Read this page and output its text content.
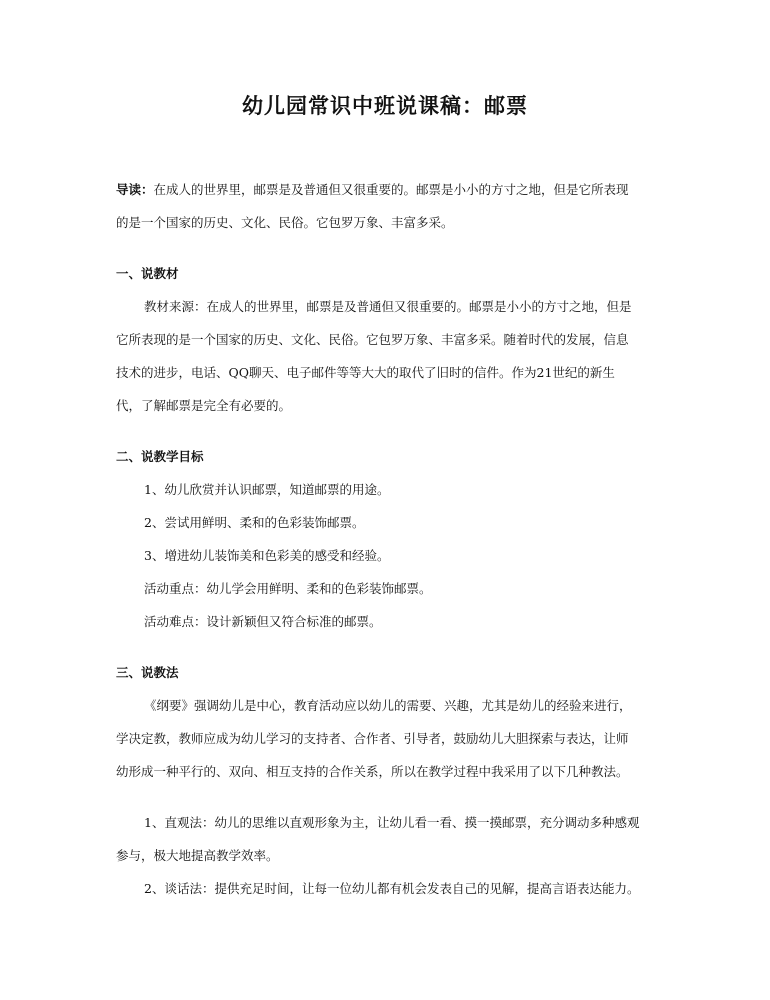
幼儿园常识中班说课稿：邮票
导读：在成人的世界里，邮票是及普通但又很重要的。邮票是小小的方寸之地，但是它所表现
的是一个国家的历史、文化、民俗。它包罗万象、丰富多采。
一、说教材
教材来源：在成人的世界里，邮票是及普通但又很重要的。邮票是小小的方寸之地，但是
它所表现的是一个国家的历史、文化、民俗。它包罗万象、丰富多采。随着时代的发展，信息
技术的进步，电话、QQ聊天、电子邮件等等大大的取代了旧时的信件。作为21世纪的新生
代，了解邮票是完全有必要的。
二、说教学目标
1、幼儿欣赏并认识邮票，知道邮票的用途。
2、尝试用鲜明、柔和的色彩装饰邮票。
3、增进幼儿装饰美和色彩美的感受和经验。
活动重点：幼儿学会用鲜明、柔和的色彩装饰邮票。
活动难点：设计新颖但又符合标准的邮票。
三、说教法
《纲要》强调幼儿是中心，教育活动应以幼儿的需要、兴趣，尤其是幼儿的经验来进行，
学决定教，教师应成为幼儿学习的支持者、合作者、引导者，鼓励幼儿大胆探索与表达，让师
幼形成一种平行的、双向、相互支持的合作关系，所以在教学过程中我采用了以下几种教法。
1、直观法：幼儿的思维以直观形象为主，让幼儿看一看、摸一摸邮票，充分调动多种感观
参与，极大地提高教学效率。
2、谈话法：提供充足时间，让每一位幼儿都有机会发表自己的见解，提高言语表达能力。
